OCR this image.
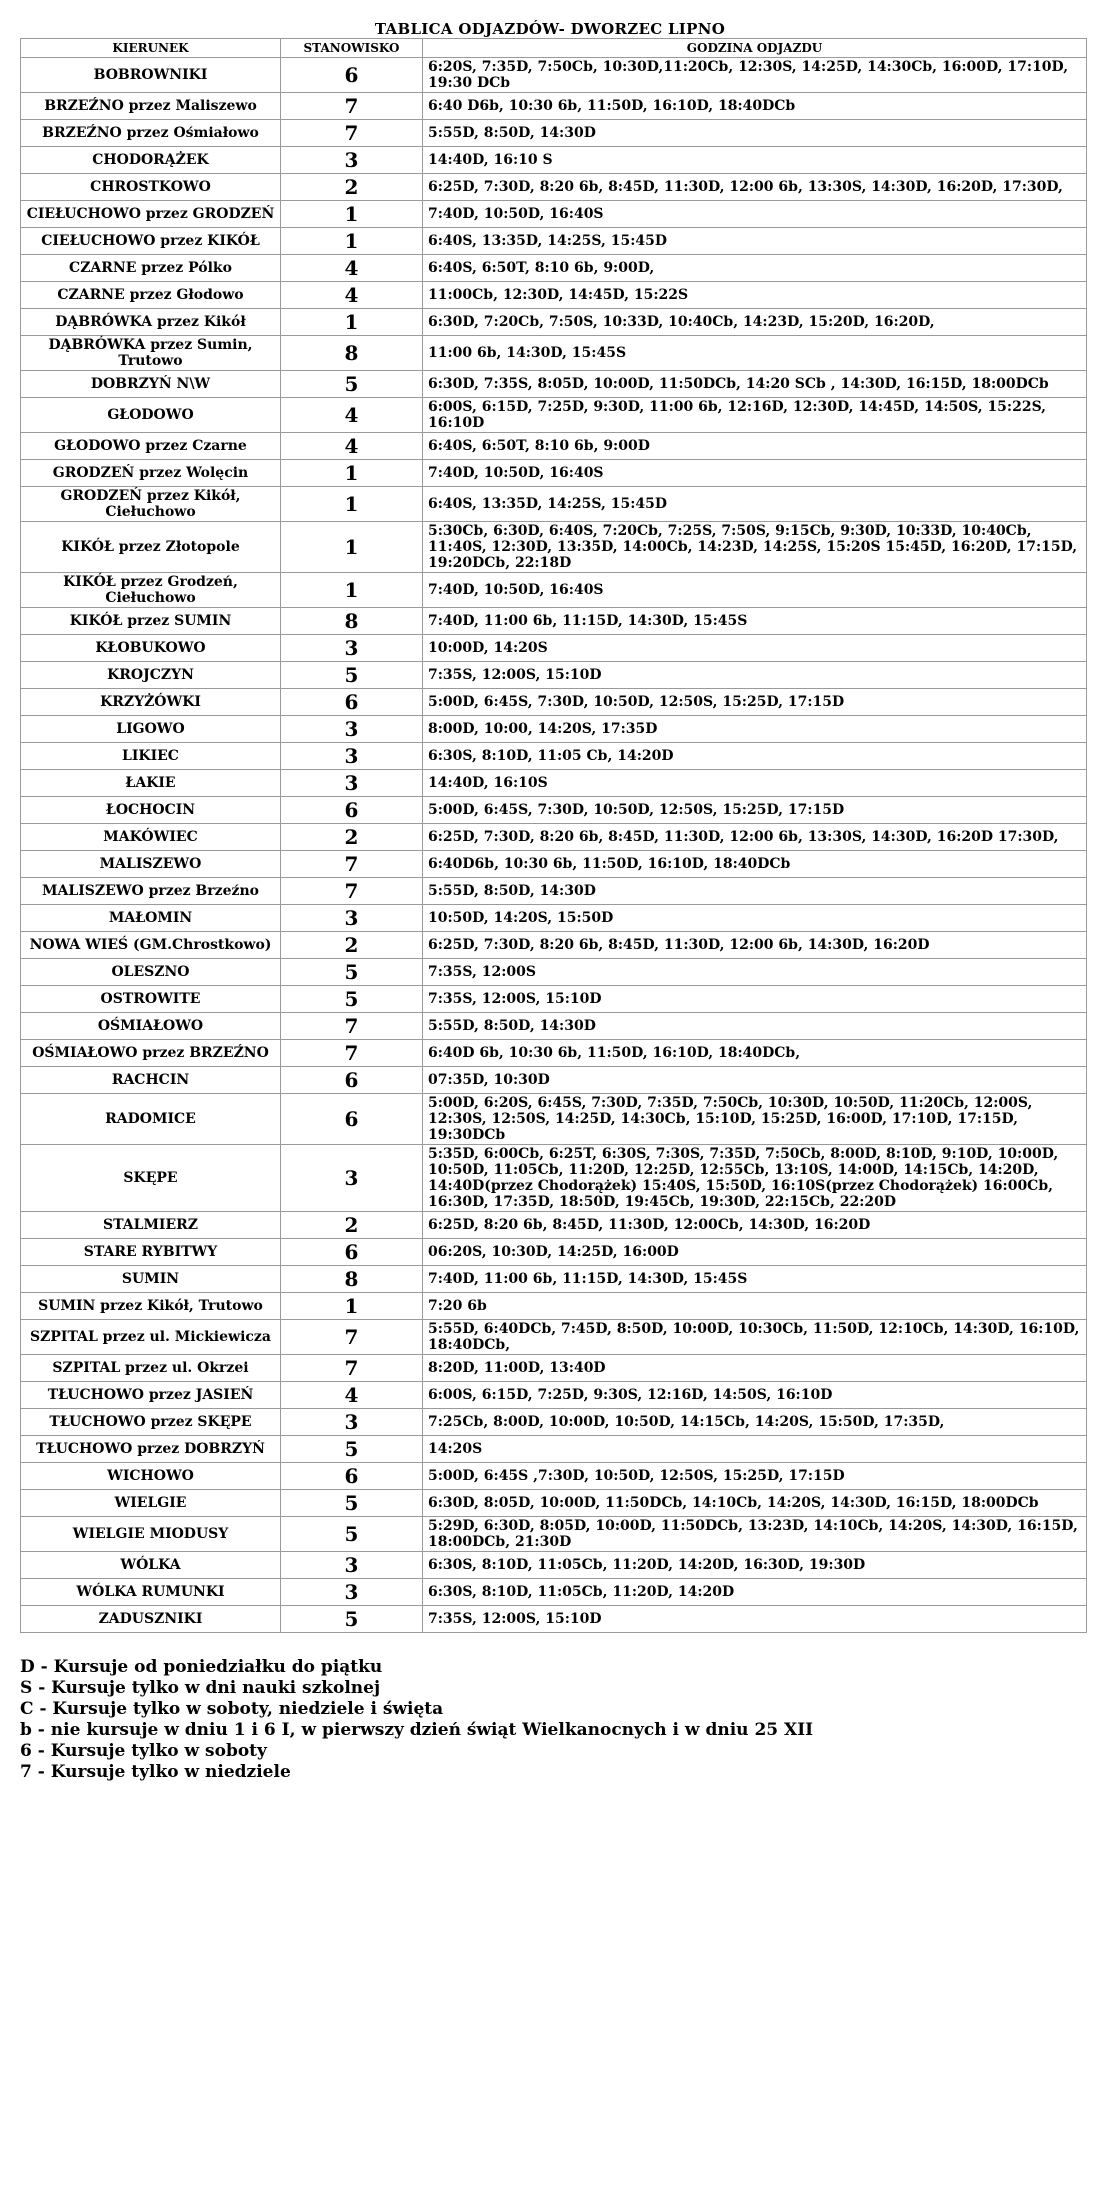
TABLICA ODJAZDÓW- DWORZEC LIPNO
KIERUNEK	STANOWISKO	GODZINA ODJAZDU
BOBROWNIKI	6	6:20S, 7:35D, 7:50Cb, 10:30D,11:20Cb, 12:30S, 14:25D, 14:30Cb, 16:00D, 17:10D, 19:30 DCb
BRZEŹNO przez Maliszewo	7	6:40 D6b, 10:30 6b, 11:50D, 16:10D, 18:40DCb
BRZEŹNO przez Ośmiałowo	7	5:55D, 8:50D, 14:30D
CHODORĄŻEK	3	14:40D, 16:10 S
CHROSTKOWO	2	6:25D, 7:30D, 8:20 6b, 8:45D, 11:30D, 12:00 6b, 13:30S, 14:30D, 16:20D, 17:30D,
CIEŁUCHOWO przez GRODZEŃ	1	7:40D, 10:50D, 16:40S
CIEŁUCHOWO przez KIKÓŁ	1	6:40S, 13:35D, 14:25S, 15:45D
CZARNE przez Pólko	4	6:40S, 6:50T, 8:10 6b, 9:00D,
CZARNE przez Głodowo	4	11:00Cb, 12:30D, 14:45D, 15:22S
DĄBRÓWKA przez Kikół	1	6:30D, 7:20Cb, 7:50S, 10:33D, 10:40Cb, 14:23D, 15:20D, 16:20D,
DĄBRÓWKA przez Sumin, Trutowo	8	11:00 6b, 14:30D, 15:45S
DOBRZYŃ N\W	5	6:30D, 7:35S, 8:05D, 10:00D, 11:50DCb, 14:20 SCb , 14:30D, 16:15D, 18:00DCb
GŁODOWO	4	6:00S, 6:15D, 7:25D, 9:30D, 11:00 6b, 12:16D, 12:30D, 14:45D, 14:50S, 15:22S, 16:10D
GŁODOWO przez Czarne	4	6:40S, 6:50T, 8:10 6b, 9:00D
GRODZEŃ przez Wolęcin	1	7:40D, 10:50D, 16:40S
GRODZEŃ przez Kikół, Ciełuchowo	1	6:40S, 13:35D, 14:25S, 15:45D
KIKÓŁ przez Złotopole	1	5:30Cb, 6:30D, 6:40S, 7:20Cb, 7:25S, 7:50S, 9:15Cb, 9:30D, 10:33D, 10:40Cb, 11:40S, 12:30D, 13:35D, 14:00Cb, 14:23D, 14:25S, 15:20S 15:45D, 16:20D, 17:15D, 19:20DCb, 22:18D
KIKÓŁ przez Grodzeń, Ciełuchowo	1	7:40D, 10:50D, 16:40S
KIKÓŁ przez SUMIN	8	7:40D, 11:00 6b, 11:15D, 14:30D, 15:45S
KŁOBUKOWO	3	10:00D, 14:20S
KROJCZYN	5	7:35S, 12:00S, 15:10D
KRZYŻÓWKI	6	5:00D, 6:45S, 7:30D, 10:50D, 12:50S, 15:25D, 17:15D
LIGOWO	3	8:00D, 10:00, 14:20S, 17:35D
LIKIEC	3	6:30S, 8:10D, 11:05 Cb, 14:20D
ŁAKIE	3	14:40D, 16:10S
ŁOCHOCIN	6	5:00D, 6:45S, 7:30D, 10:50D, 12:50S, 15:25D, 17:15D
MAKÓWIEC	2	6:25D, 7:30D, 8:20 6b, 8:45D, 11:30D, 12:00 6b, 13:30S, 14:30D, 16:20D 17:30D,
MALISZEWO	7	6:40D6b, 10:30 6b, 11:50D, 16:10D, 18:40DCb
MALISZEWO przez Brzeźno	7	5:55D, 8:50D, 14:30D
MAŁOMIN	3	10:50D, 14:20S, 15:50D
NOWA WIEŚ (GM.Chrostkowo)	2	6:25D, 7:30D, 8:20 6b, 8:45D, 11:30D, 12:00 6b, 14:30D, 16:20D
OLESZNO	5	7:35S, 12:00S
OSTROWITE	5	7:35S, 12:00S, 15:10D
OŚMIAŁOWO	7	5:55D, 8:50D, 14:30D
OŚMIAŁOWO przez BRZEŹNO	7	6:40D 6b, 10:30 6b, 11:50D, 16:10D, 18:40DCb,
RACHCIN	6	07:35D, 10:30D
RADOMICE	6	5:00D, 6:20S, 6:45S, 7:30D, 7:35D, 7:50Cb, 10:30D, 10:50D, 11:20Cb, 12:00S, 12:30S, 12:50S, 14:25D, 14:30Cb, 15:10D, 15:25D, 16:00D, 17:10D, 17:15D, 19:30DCb
SKĘPE	3	5:35D, 6:00Cb, 6:25T, 6:30S, 7:30S, 7:35D, 7:50Cb, 8:00D, 8:10D, 9:10D, 10:00D, 10:50D, 11:05Cb, 11:20D, 12:25D, 12:55Cb, 13:10S, 14:00D, 14:15Cb, 14:20D, 14:40D(przez Chodorążek) 15:40S, 15:50D, 16:10S(przez Chodorążek) 16:00Cb, 16:30D, 17:35D, 18:50D, 19:45Cb, 19:30D, 22:15Cb, 22:20D
STALMIERZ	2	6:25D, 8:20 6b, 8:45D, 11:30D, 12:00Cb, 14:30D, 16:20D
STARE RYBITWY	6	06:20S, 10:30D, 14:25D, 16:00D
SUMIN	8	7:40D, 11:00 6b, 11:15D, 14:30D, 15:45S
SUMIN przez Kikół, Trutowo	1	7:20 6b
SZPITAL przez ul. Mickiewicza	7	5:55D, 6:40DCb, 7:45D, 8:50D, 10:00D, 10:30Cb, 11:50D, 12:10Cb, 14:30D, 16:10D, 18:40DCb,
SZPITAL przez ul. Okrzei	7	8:20D, 11:00D, 13:40D
TŁUCHOWO przez JASIEŃ	4	6:00S, 6:15D, 7:25D, 9:30S, 12:16D, 14:50S, 16:10D
TŁUCHOWO przez SKĘPE	3	7:25Cb, 8:00D, 10:00D, 10:50D, 14:15Cb, 14:20S, 15:50D, 17:35D,
TŁUCHOWO przez DOBRZYŃ	5	14:20S
WICHOWO	6	5:00D, 6:45S ,7:30D, 10:50D, 12:50S, 15:25D, 17:15D
WIELGIE	5	6:30D, 8:05D, 10:00D, 11:50DCb, 14:10Cb, 14:20S, 14:30D, 16:15D, 18:00DCb
WIELGIE MIODUSY	5	5:29D, 6:30D, 8:05D, 10:00D, 11:50DCb, 13:23D, 14:10Cb, 14:20S, 14:30D, 16:15D, 18:00DCb, 21:30D
WÓLKA	3	6:30S, 8:10D, 11:05Cb, 11:20D, 14:20D, 16:30D, 19:30D
WÓLKA RUMUNKI	3	6:30S, 8:10D, 11:05Cb, 11:20D, 14:20D
ZADUSZNIKI	5	7:35S, 12:00S, 15:10D
D - Kursuje od poniedziałku do piątku
S - Kursuje tylko w dni nauki szkolnej
C - Kursuje tylko w soboty, niedziele i święta
b - nie kursuje w dniu 1 i 6 I, w pierwszy dzień świąt Wielkanocnych i w dniu 25 XII
6 - Kursuje tylko w soboty
7 - Kursuje tylko w niedziele
